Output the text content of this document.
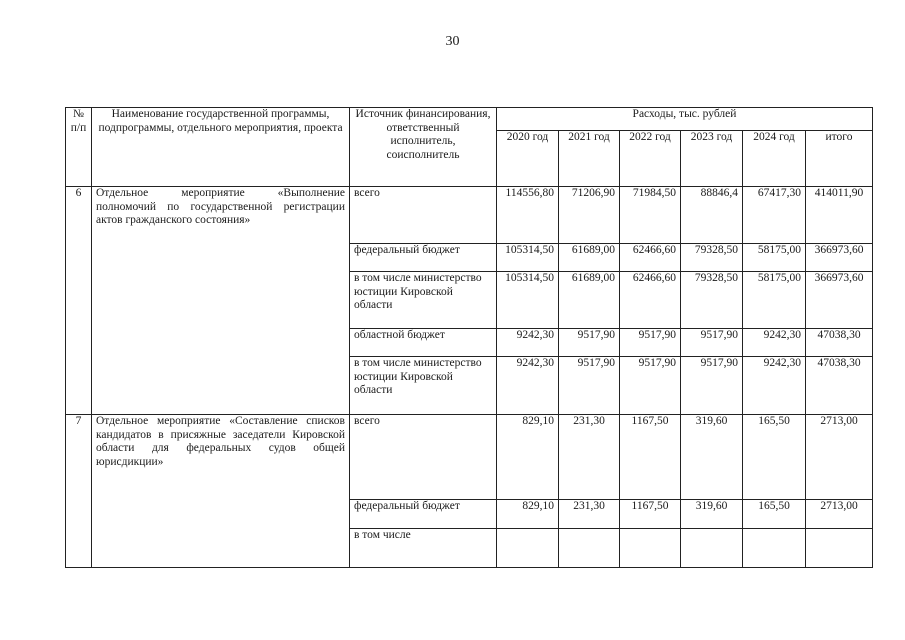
30
№ п/п	Наименование государственной программы, подпрограммы, отдельного мероприятия, проекта	Источник финансирования, ответственный исполнитель, соисполнитель	Расходы, тыс. рублей					
			2020 год	2021 год	2022 год	2023 год	2024 год	итого
6	Отдельное мероприятие «Выполнение полномочий по государственной регистрации актов гражданского состояния»	всего	114556,80	71206,90	71984,50	88846,4	67417,30	414011,90
		федеральный бюджет	105314,50	61689,00	62466,60	79328,50	58175,00	366973,60
		в том числе министерство юстиции Кировской области	105314,50	61689,00	62466,60	79328,50	58175,00	366973,60
		областной бюджет	9242,30	9517,90	9517,90	9517,90	9242,30	47038,30
		в том числе министерство юстиции Кировской области	9242,30	9517,90	9517,90	9517,90	9242,30	47038,30
7	Отдельное мероприятие «Составление списков кандидатов в присяжные заседатели Кировской области для федеральных судов общей юрисдикции»	всего	829,10	231,30	1167,50	319,60	165,50	2713,00
		федеральный бюджет	829,10	231,30	1167,50	319,60	165,50	2713,00
		в том числе						
